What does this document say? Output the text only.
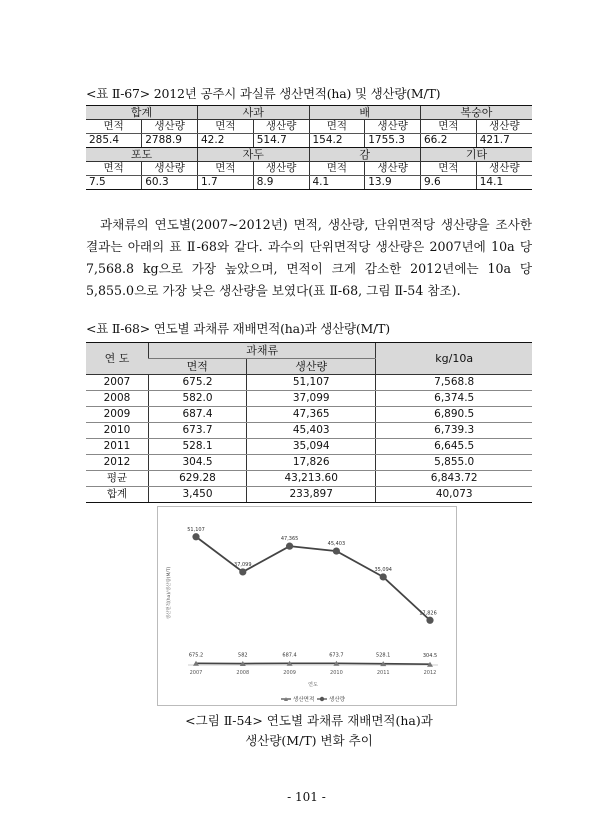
<표 Ⅱ-67> 2012년 공주시 과실류 생산면적(ha) 및 생산량(M/T)
합계		사과		배		복숭아	
면적	생산량	면적	생산량	면적	생산량	면적	생산량
285.4	2788.9	42.2	514.7	154.2	1755.3	66.2	421.7
포도		자두		감		기타	
면적	생산량	면적	생산량	면적	생산량	면적	생산량
7.5	60.3	1.7	8.9	4.1	13.9	9.6	14.1

과채류의 연도별(2007~2012년) 면적, 생산량, 단위면적당 생산량을 조사한 결과는 아래의 표 Ⅱ-68와 같다. 과수의 단위면적당 생산량은 2007년에 10a 당 7,568.8 kg으로 가장 높았으며, 면적이 크게 감소한 2012년에는 10a 당 5,855.0으로 가장 낮은 생산량을 보였다(표 Ⅱ-68, 그림 Ⅱ-54 참조).

<표 Ⅱ-68> 연도별 과채류 재배면적(ha)과 생산량(M/T)
연 도	과채류		kg/10a
	면적	생산량	
2007	675.2	51,107	7,568.8
2008	582.0	37,099	6,374.5
2009	687.4	47,365	6,890.5
2010	673.7	45,403	6,739.3
2011	528.1	35,094	6,645.5
2012	304.5	17,826	5,855.0
평균	629.28	43,213.60	6,843.72
합계	3,450	233,897	40,073
생산면적(ha)/생산량(M/T)
675.2	582	687.4	673.7	528.1	304.5
51,107
37,099
47,365
45,403
35,094
17,826
2007	2008	2009	2010	2011	2012
연도
생산면적	생산량
<그림 Ⅱ-54> 연도별 과채류 재배면적(ha)과
생산량(M/T) 변화 추이
- 101 -
